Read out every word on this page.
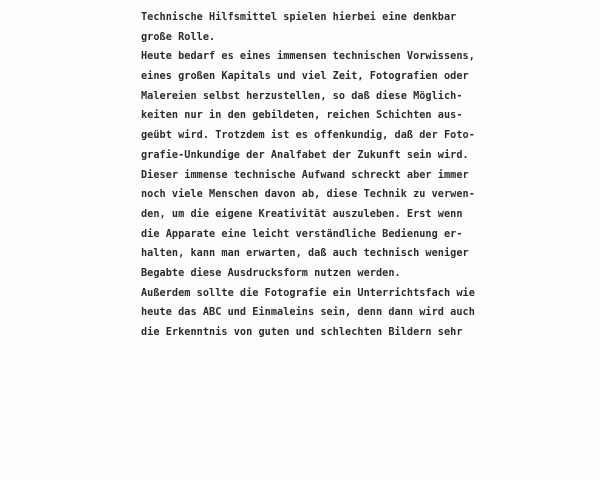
Technische Hilfsmittel spielen hierbei eine denkbar
große Rolle.
Heute bedarf es eines immensen technischen Vorwissens,
eines großen Kapitals und viel Zeit, Fotografien oder
Malereien selbst herzustellen, so daß diese Möglich-
keiten nur in den gebildeten, reichen Schichten aus-
geübt wird. Trotzdem ist es offenkundig, daß der Foto-
grafie-Unkundige der Analfabet der Zukunft sein wird.
Dieser immense technische Aufwand schreckt aber immer
noch viele Menschen davon ab, diese Technik zu verwen-
den, um die eigene Kreativität auszuleben. Erst wenn
die Apparate eine leicht verständliche Bedienung er-
halten, kann man erwarten, daß auch technisch weniger
Begabte diese Ausdrucksform nutzen werden.
Außerdem sollte die Fotografie ein Unterrichtsfach wie
heute das ABC und Einmaleins sein, denn dann wird auch
die Erkenntnis von guten und schlechten Bildern sehr
